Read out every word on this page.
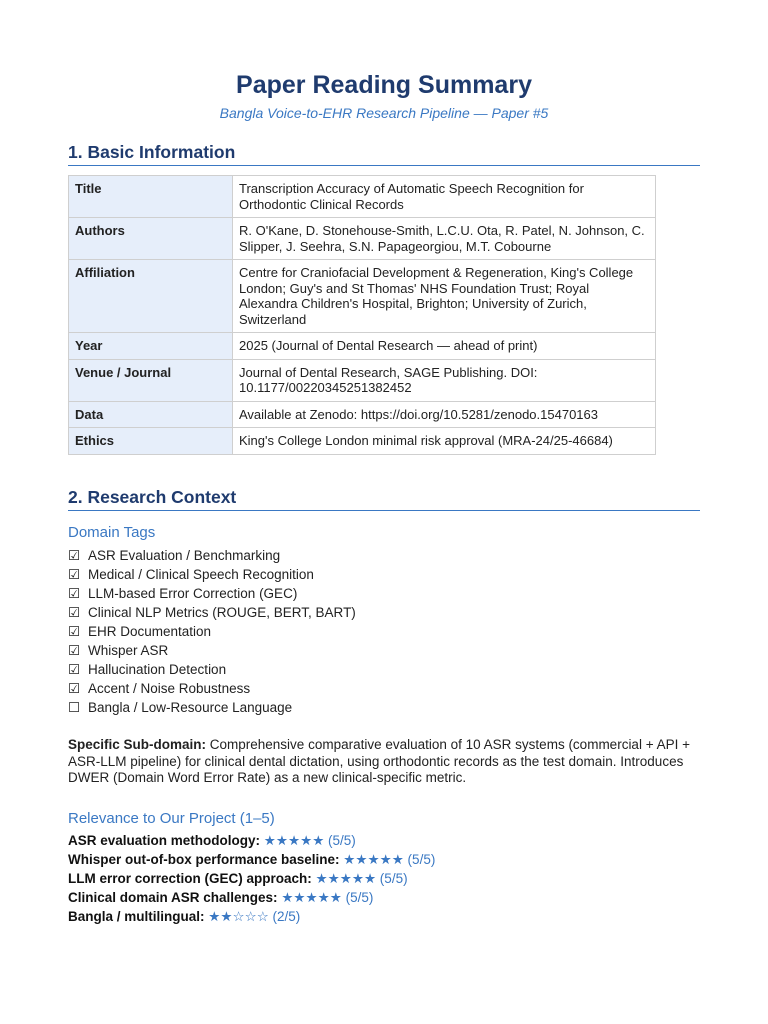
Paper Reading Summary
Bangla Voice-to-EHR Research Pipeline — Paper #5
1. Basic Information
Title	Transcription Accuracy of Automatic Speech Recognition for Orthodontic Clinical Records
Authors	R. O'Kane, D. Stonehouse-Smith, L.C.U. Ota, R. Patel, N. Johnson, C. Slipper, J. Seehra, S.N. Papageorgiou, M.T. Cobourne
Affiliation	Centre for Craniofacial Development & Regeneration, King's College London; Guy's and St Thomas' NHS Foundation Trust; Royal Alexandra Children's Hospital, Brighton; University of Zurich, Switzerland
Year	2025 (Journal of Dental Research — ahead of print)
Venue / Journal	Journal of Dental Research, SAGE Publishing. DOI: 10.1177/00220345251382452
Data	Available at Zenodo: https://doi.org/10.5281/zenodo.15470163
Ethics	King's College London minimal risk approval (MRA-24/25-46684)
2. Research Context
Domain Tags
☑ ASR Evaluation / Benchmarking
☑ Medical / Clinical Speech Recognition
☑ LLM-based Error Correction (GEC)
☑ Clinical NLP Metrics (ROUGE, BERT, BART)
☑ EHR Documentation
☑ Whisper ASR
☑ Hallucination Detection
☑ Accent / Noise Robustness
☐ Bangla / Low-Resource Language
Specific Sub-domain: Comprehensive comparative evaluation of 10 ASR systems (commercial + API + ASR-LLM pipeline) for clinical dental dictation, using orthodontic records as the test domain. Introduces DWER (Domain Word Error Rate) as a new clinical-specific metric.
Relevance to Our Project (1–5)
ASR evaluation methodology: ★★★★★ (5/5)
Whisper out-of-box performance baseline: ★★★★★ (5/5)
LLM error correction (GEC) approach: ★★★★★ (5/5)
Clinical domain ASR challenges: ★★★★★ (5/5)
Bangla / multilingual: ★★☆☆☆ (2/5)
